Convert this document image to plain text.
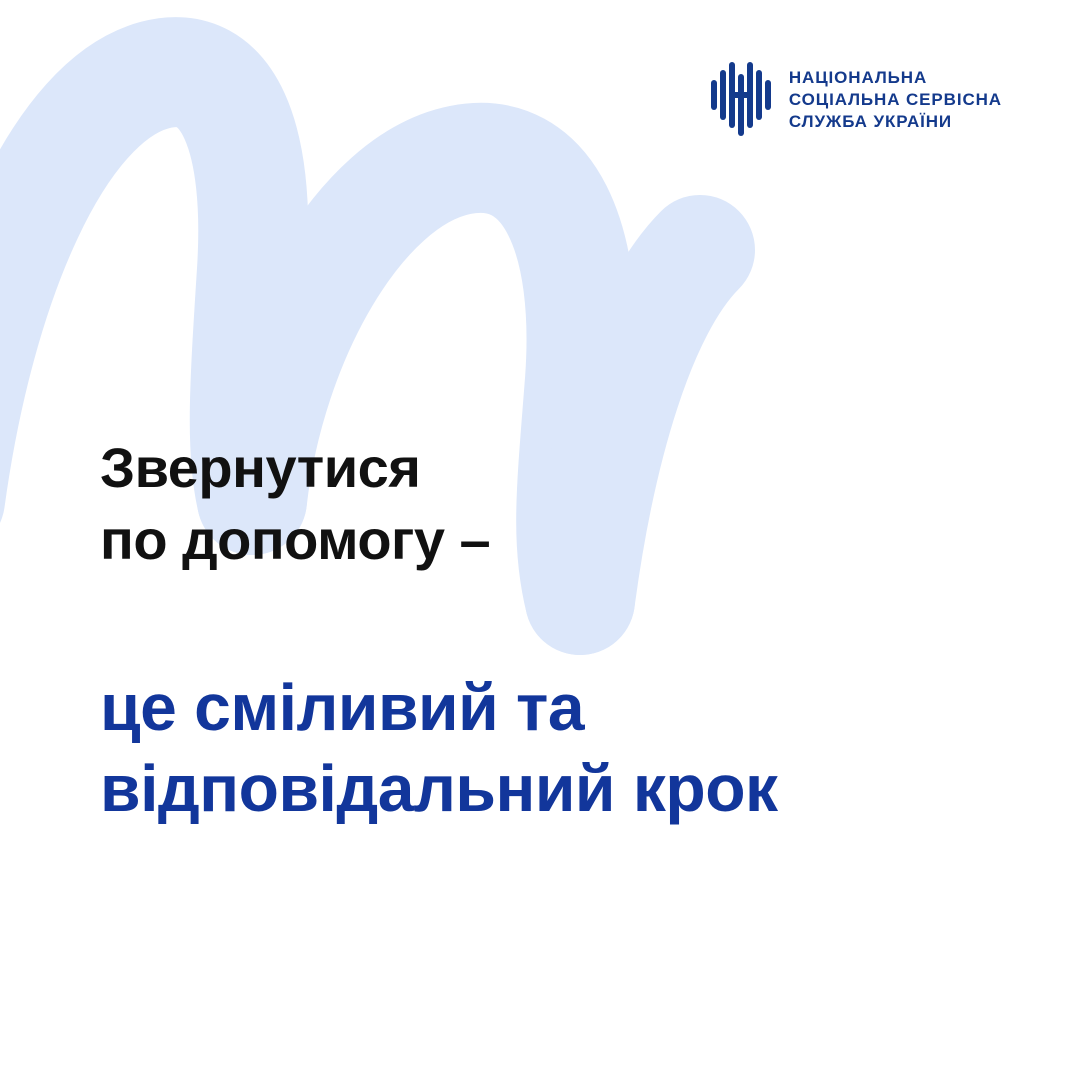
НАЦІОНАЛЬНА
СОЦІАЛЬНА СЕРВІСНА
СЛУЖБА УКРАЇНИ

Звернутися

по допомогу –

це сміливий та

відповідальний крок
